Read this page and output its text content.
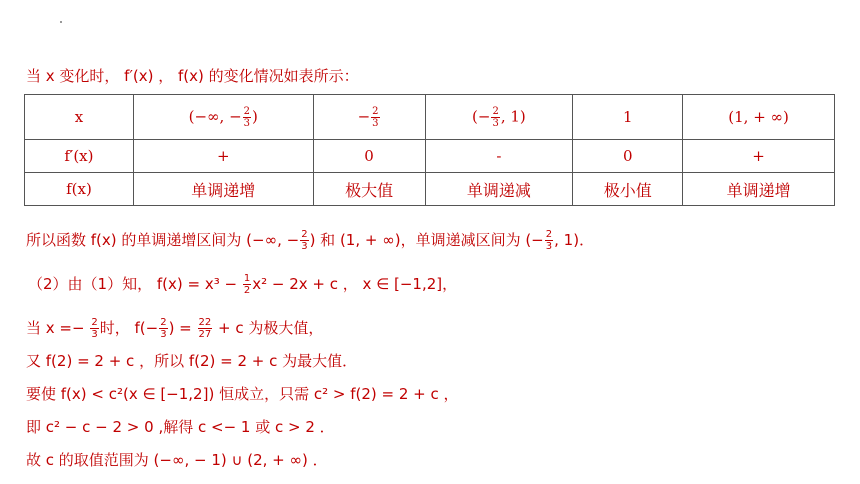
当 x 变化时， f′(x) ， f(x) 的变化情况如表所示：
x	(−∞, − $\frac{2}{3}$ )	− $\frac{2}{3}$	(− $\frac{2}{3}$ , 1)	1	(1, + ∞)
f′(x)	+	0	-	0	+
f(x)	单调递增	极大值	单调递减	极小值	单调递增
所以函数 f(x) 的单调递增区间为 (−∞, − $\frac{2}{3}$ ) 和 (1, + ∞)，单调递减区间为 (− $\frac{2}{3}$ , 1)．
（2）由（1）知， $f(x) = x^3 - \frac{1}{2} x^2 - 2x + c$ ， x ∈ [−1,2]，
当 $x =- \frac{2}{3}$ 时， $f(- \frac{2}{3}$ ) = $\frac{22}{27} + c$ 为极大值，
又 f(2) = 2 + c ，所以 f(2) = 2 + c 为最大值．
要使 f(x) < c²(x ∈ [−1,2]) 恒成立，只需 c² > f(2) = 2 + c ，
即 c² − c − 2 > 0 ,解得 c <− 1 或 c > 2 ．
故 c 的取值范围为 (−∞, − 1) ∪ (2, + ∞) ．
